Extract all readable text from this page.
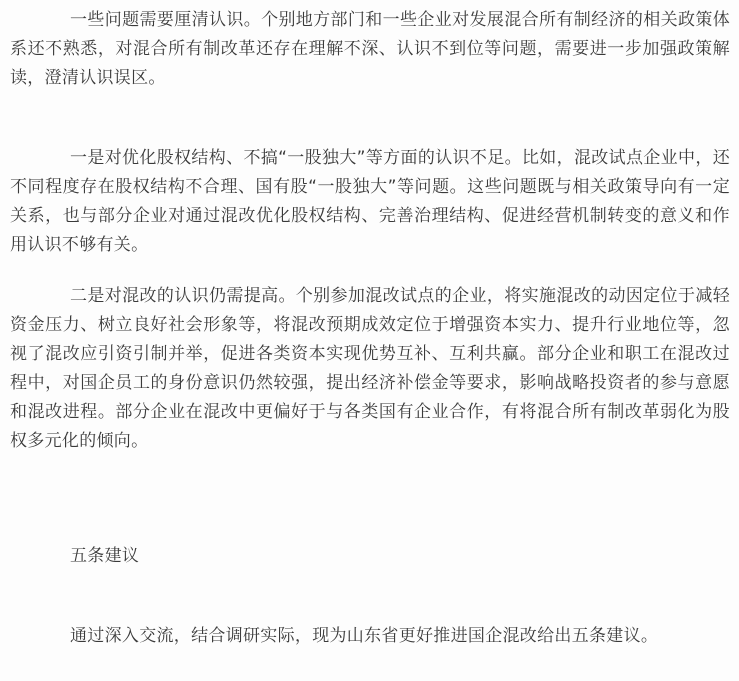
一些问题需要厘清认识。个别地方部门和一些企业对发展混合所有制经济的相关政策体系还不熟悉，对混合所有制改革还存在理解不深、认识不到位等问题，需要进一步加强政策解读，澄清认识误区。

一是对优化股权结构、不搞“一股独大”等方面的认识不足。比如，混改试点企业中，还不同程度存在股权结构不合理、国有股“一股独大”等问题。这些问题既与相关政策导向有一定关系，也与部分企业对通过混改优化股权结构、完善治理结构、促进经营机制转变的意义和作用认识不够有关。

二是对混改的认识仍需提高。个别参加混改试点的企业，将实施混改的动因定位于减轻资金压力、树立良好社会形象等，将混改预期成效定位于增强资本实力、提升行业地位等，忽视了混改应引资引制并举，促进各类资本实现优势互补、互利共赢。部分企业和职工在混改过程中，对国企员工的身份意识仍然较强，提出经济补偿金等要求，影响战略投资者的参与意愿和混改进程。部分企业在混改中更偏好于与各类国有企业合作，有将混合所有制改革弱化为股权多元化的倾向。

五条建议

通过深入交流，结合调研实际，现为山东省更好推进国企混改给出五条建议。
